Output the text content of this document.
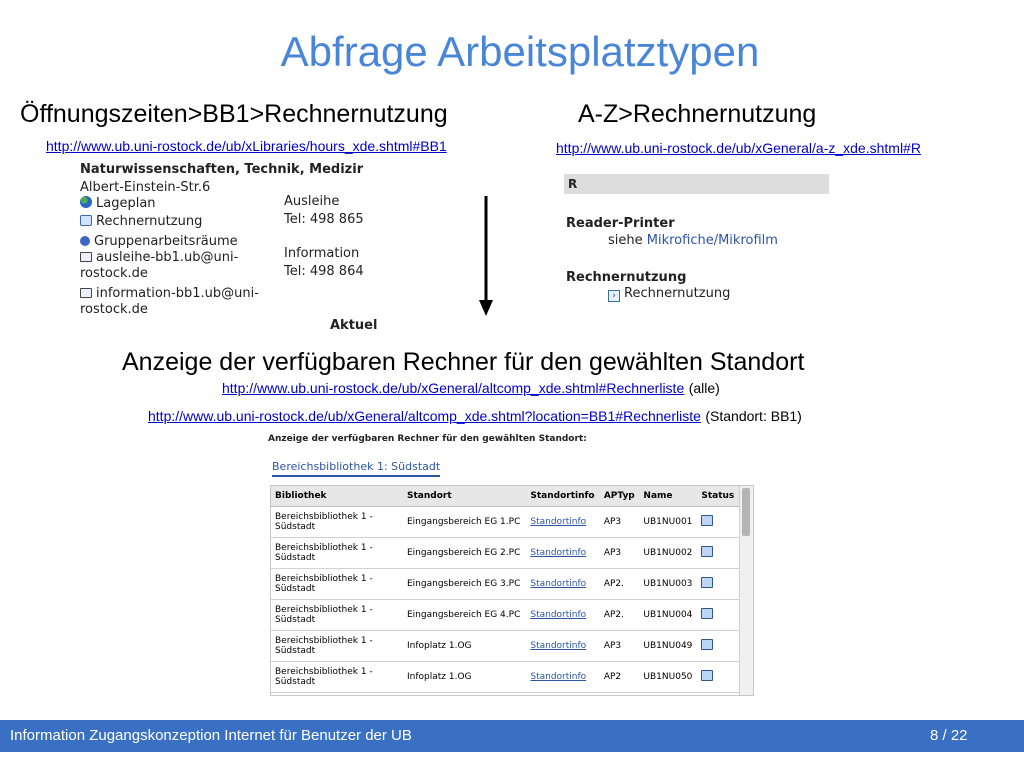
Abfrage Arbeitsplatztypen
Öffnungszeiten>BB1>Rechnernutzung
http://www.ub.uni-rostock.de/ub/xLibraries/hours_xde.shtml#BB1
Naturwissenschaften, Technik, Medizir
Albert-Einstein-Str.6
Lageplan
Rechnernutzung
Gruppenarbeitsräume
ausleihe-bb1.ub@uni-
rostock.de
information-bb1.ub@uni-
rostock.de
Ausleihe
Tel: 498 865
Information
Tel: 498 864
Aktuel
A-Z>Rechnernutzung
http://www.ub.uni-rostock.de/ub/xGeneral/a-z_xde.shtml#R
R
Reader-Printer
siehe Mikrofiche/Mikrofilm
Rechnernutzung
› Rechnernutzung
Anzeige der verfügbaren Rechner für den gewählten Standort
http://www.ub.uni-rostock.de/ub/xGeneral/altcomp_xde.shtml#Rechnerliste (alle)
http://www.ub.uni-rostock.de/ub/xGeneral/altcomp_xde.shtml?location=BB1#Rechnerliste (Standort: BB1)
Anzeige der verfügbaren Rechner für den gewählten Standort:
Bereichsbibliothek 1: Südstadt
Bibliothek	Standort	Standortinfo	APTyp	Name	Status
Bereichsbibliothek 1 -
Südstadt	Eingangsbereich EG 1.PC	Standortinfo	AP3	UB1NU001	
Bereichsbibliothek 1 -
Südstadt	Eingangsbereich EG 2.PC	Standortinfo	AP3	UB1NU002	
Bereichsbibliothek 1 -
Südstadt	Eingangsbereich EG 3.PC	Standortinfo	AP2.	UB1NU003	
Bereichsbibliothek 1 -
Südstadt	Eingangsbereich EG 4.PC	Standortinfo	AP2.	UB1NU004	
Bereichsbibliothek 1 -
Südstadt	Infoplatz 1.OG	Standortinfo	AP3	UB1NU049	
Bereichsbibliothek 1 -
Südstadt	Infoplatz 1.OG	Standortinfo	AP2	UB1NU050	
Information Zugangskonzeption Internet für Benutzer der UB	8 / 22
